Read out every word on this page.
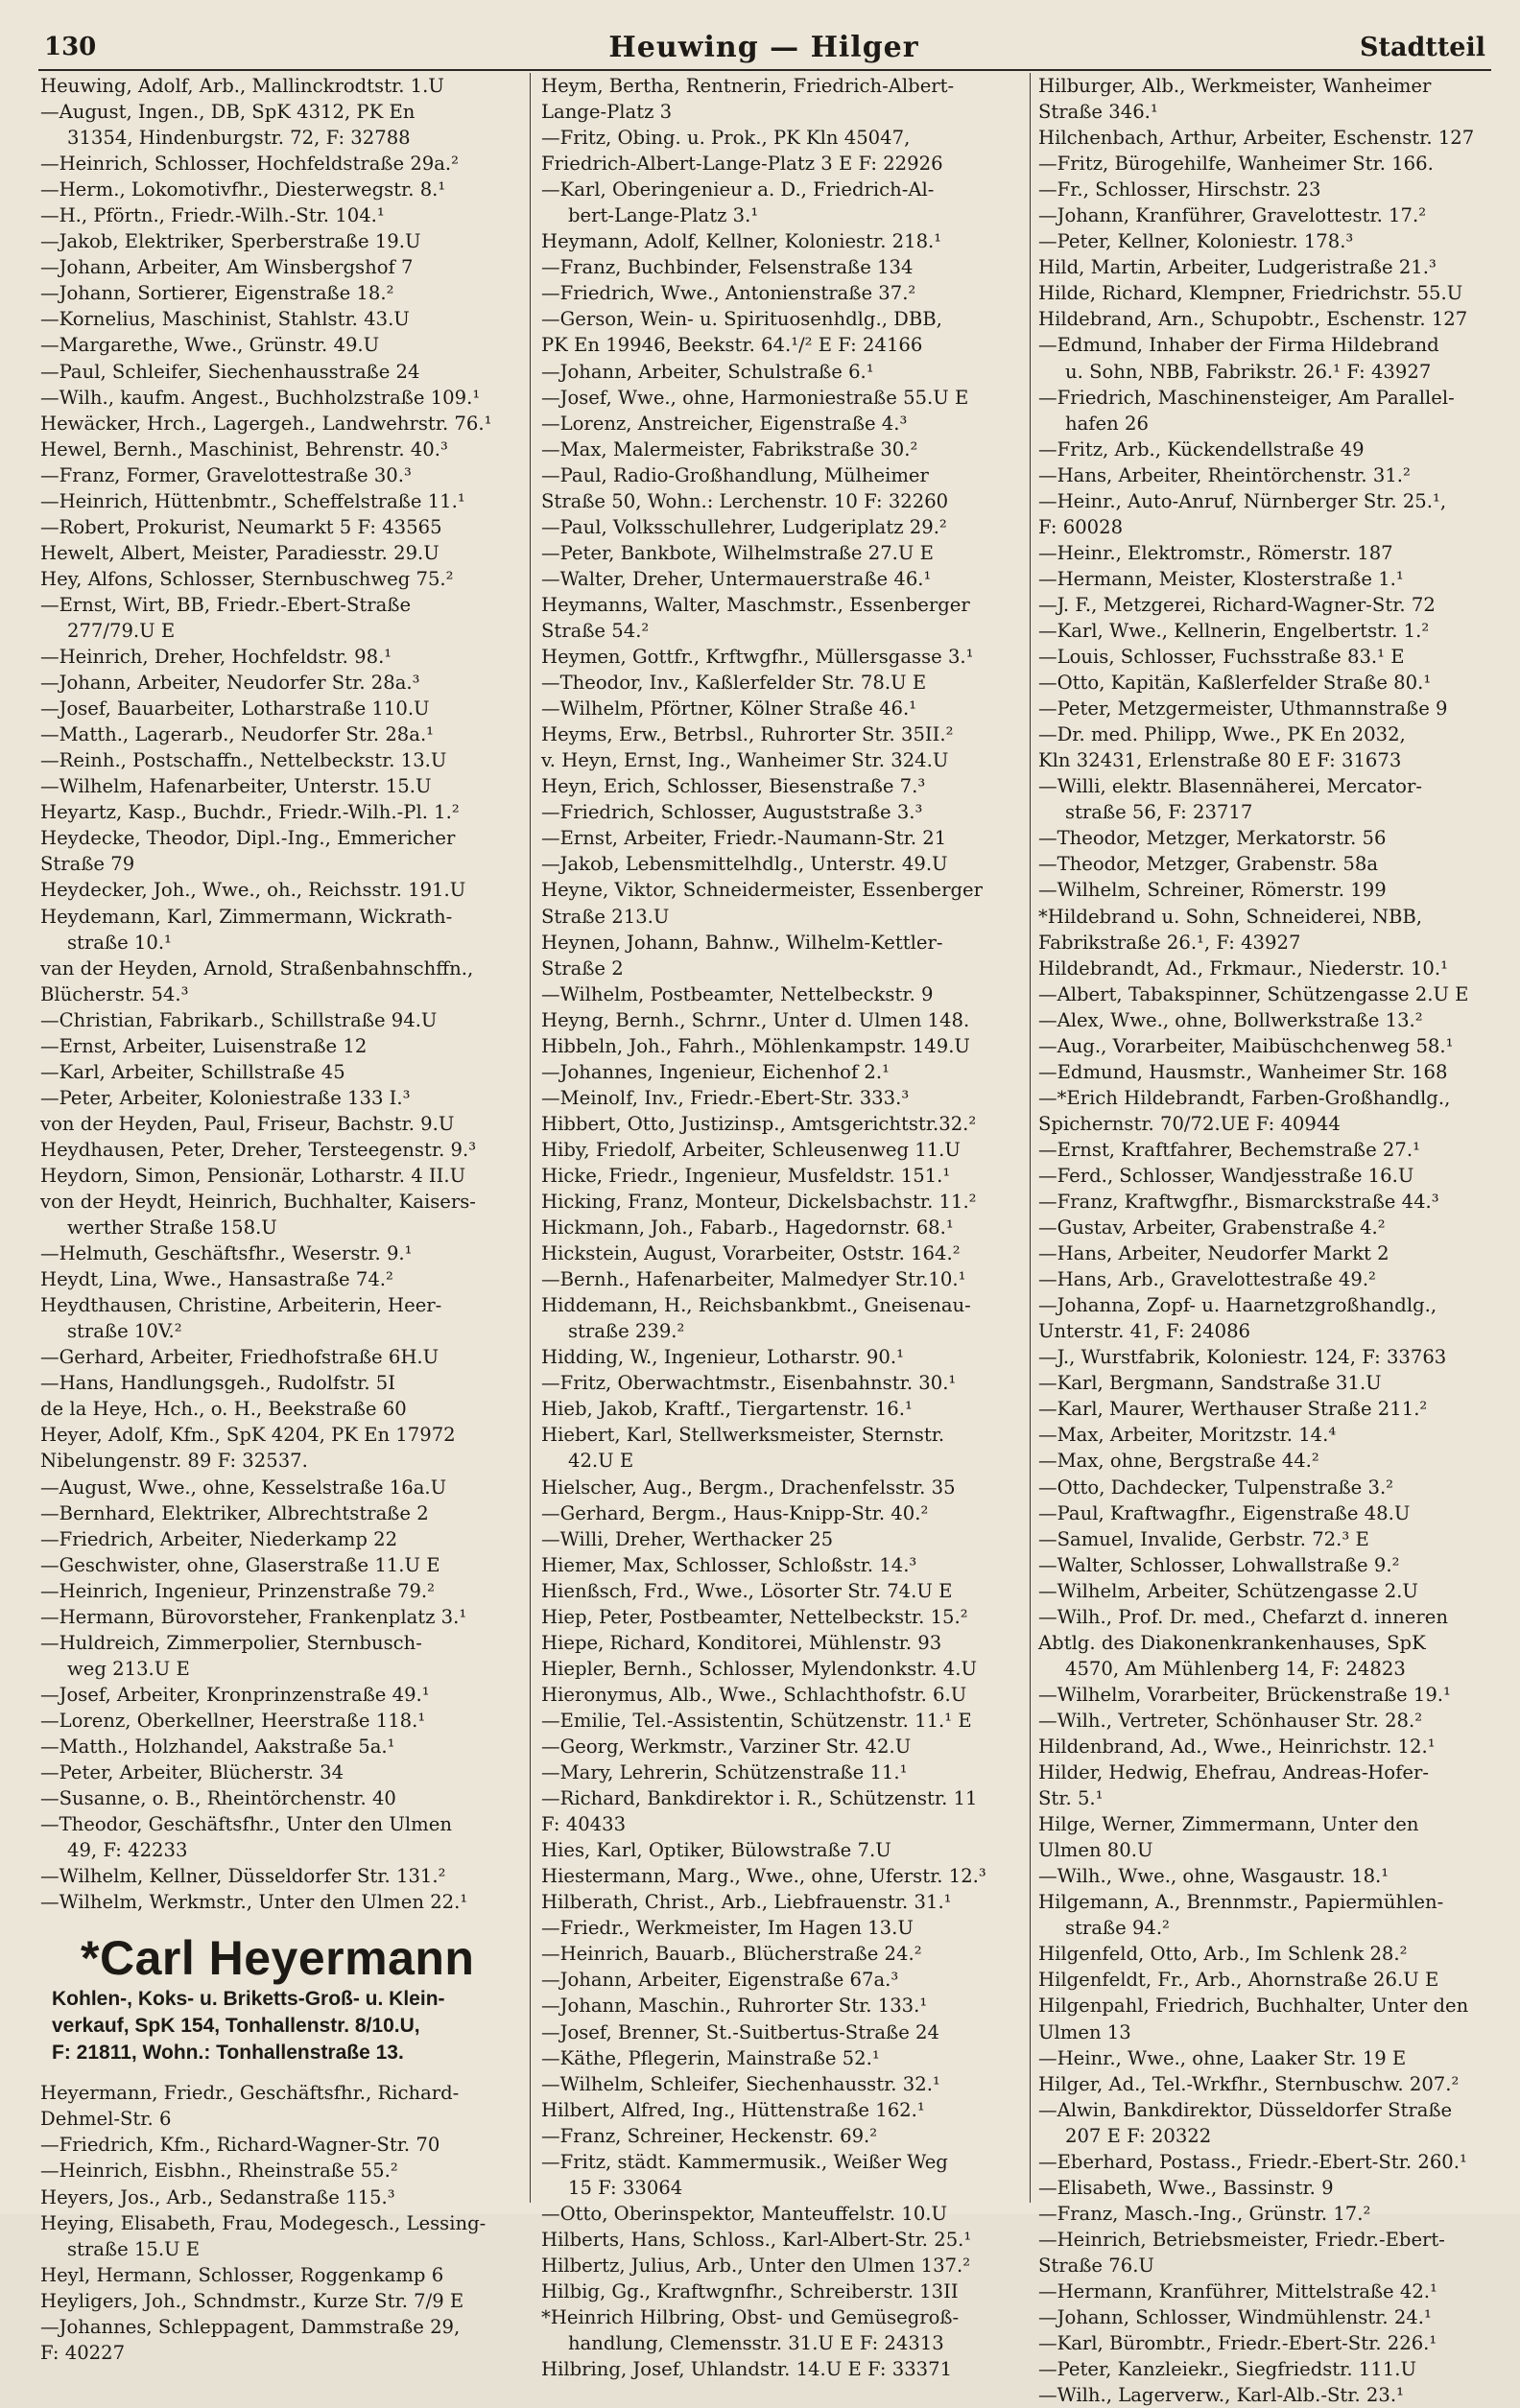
130	Heuwing — Hilger	Stadtteil
Heuwing, Adolf, Arb., Mallinckrodtstr. 1.U
—August, Ingen., DB, SpK 4312, PK En
31354, Hindenburgstr. 72, F: 32788
—Heinrich, Schlosser, Hochfeldstraße 29a.²
—Herm., Lokomotivfhr., Diesterwegstr. 8.¹
—H., Pförtn., Friedr.-Wilh.-Str. 104.¹
—Jakob, Elektriker, Sperberstraße 19.U
—Johann, Arbeiter, Am Winsbergshof 7
—Johann, Sortierer, Eigenstraße 18.²
—Kornelius, Maschinist, Stahlstr. 43.U
—Margarethe, Wwe., Grünstr. 49.U
—Paul, Schleifer, Siechenhausstraße 24
—Wilh., kaufm. Angest., Buchholzstraße 109.¹
Hewäcker, Hrch., Lagergeh., Landwehrstr. 76.¹
Hewel, Bernh., Maschinist, Behrenstr. 40.³
—Franz, Former, Gravelottestraße 30.³
—Heinrich, Hüttenbmtr., Scheffelstraße 11.¹
—Robert, Prokurist, Neumarkt 5 F: 43565
Hewelt, Albert, Meister, Paradiesstr. 29.U
Hey, Alfons, Schlosser, Sternbuschweg 75.²
—Ernst, Wirt, BB, Friedr.-Ebert-Straße
277/79.U E
—Heinrich, Dreher, Hochfeldstr. 98.¹
—Johann, Arbeiter, Neudorfer Str. 28a.³
—Josef, Bauarbeiter, Lotharstraße 110.U
—Matth., Lagerarb., Neudorfer Str. 28a.¹
—Reinh., Postschaffn., Nettelbeckstr. 13.U
—Wilhelm, Hafenarbeiter, Unterstr. 15.U
Heyartz, Kasp., Buchdr., Friedr.-Wilh.-Pl. 1.²
Heydecke, Theodor, Dipl.-Ing., Emmericher
Straße 79
Heydecker, Joh., Wwe., oh., Reichsstr. 191.U
Heydemann, Karl, Zimmermann, Wickrath-
straße 10.¹
van der Heyden, Arnold, Straßenbahnschffn.,
Blücherstr. 54.³
—Christian, Fabrikarb., Schillstraße 94.U
—Ernst, Arbeiter, Luisenstraße 12
—Karl, Arbeiter, Schillstraße 45
—Peter, Arbeiter, Koloniestraße 133 I.³
von der Heyden, Paul, Friseur, Bachstr. 9.U
Heydhausen, Peter, Dreher, Tersteegenstr. 9.³
Heydorn, Simon, Pensionär, Lotharstr. 4 II.U
von der Heydt, Heinrich, Buchhalter, Kaisers-
werther Straße 158.U
—Helmuth, Geschäftsfhr., Weserstr. 9.¹
Heydt, Lina, Wwe., Hansastraße 74.²
Heydthausen, Christine, Arbeiterin, Heer-
straße 10V.²
—Gerhard, Arbeiter, Friedhofstraße 6H.U
—Hans, Handlungsgeh., Rudolfstr. 5I
de la Heye, Hch., o. H., Beekstraße 60
Heyer, Adolf, Kfm., SpK 4204, PK En 17972
Nibelungenstr. 89 F: 32537.
—August, Wwe., ohne, Kesselstraße 16a.U
—Bernhard, Elektriker, Albrechtstraße 2
—Friedrich, Arbeiter, Niederkamp 22
—Geschwister, ohne, Glaserstraße 11.U E
—Heinrich, Ingenieur, Prinzenstraße 79.²
—Hermann, Bürovorsteher, Frankenplatz 3.¹
—Huldreich, Zimmerpolier, Sternbusch-
weg 213.U E
—Josef, Arbeiter, Kronprinzenstraße 49.¹
—Lorenz, Oberkellner, Heerstraße 118.¹
—Matth., Holzhandel, Aakstraße 5a.¹
—Peter, Arbeiter, Blücherstr. 34
—Susanne, o. B., Rheintörchenstr. 40
—Theodor, Geschäftsfhr., Unter den Ulmen
49, F: 42233
—Wilhelm, Kellner, Düsseldorfer Str. 131.²
—Wilhelm, Werkmstr., Unter den Ulmen 22.¹
*Carl Heyermann
Kohlen-, Koks- u. Briketts-Groß- u. Klein-
verkauf, SpK 154, Tonhallenstr. 8/10.U,
F: 21811, Wohn.: Tonhallenstraße 13.
Heyermann, Friedr., Geschäftsfhr., Richard-
Dehmel-Str. 6
—Friedrich, Kfm., Richard-Wagner-Str. 70
—Heinrich, Eisbhn., Rheinstraße 55.²
Heyers, Jos., Arb., Sedanstraße 115.³
Heying, Elisabeth, Frau, Modegesch., Lessing-
straße 15.U E
Heyl, Hermann, Schlosser, Roggenkamp 6
Heyligers, Joh., Schndmstr., Kurze Str. 7/9 E
—Johannes, Schleppagent, Dammstraße 29,
F: 40227
Heym, Bertha, Rentnerin, Friedrich-Albert-
Lange-Platz 3
—Fritz, Obing. u. Prok., PK Kln 45047,
Friedrich-Albert-Lange-Platz 3 E F: 22926
—Karl, Oberingenieur a. D., Friedrich-Al-
bert-Lange-Platz 3.¹
Heymann, Adolf, Kellner, Koloniestr. 218.¹
—Franz, Buchbinder, Felsenstraße 134
—Friedrich, Wwe., Antonienstraße 37.²
—Gerson, Wein- u. Spirituosenhdlg., DBB,
PK En 19946, Beekstr. 64.¹/² E F: 24166
—Johann, Arbeiter, Schulstraße 6.¹
—Josef, Wwe., ohne, Harmoniestraße 55.U E
—Lorenz, Anstreicher, Eigenstraße 4.³
—Max, Malermeister, Fabrikstraße 30.²
—Paul, Radio-Großhandlung, Mülheimer
Straße 50, Wohn.: Lerchenstr. 10 F: 32260
—Paul, Volksschullehrer, Ludgeriplatz 29.²
—Peter, Bankbote, Wilhelmstraße 27.U E
—Walter, Dreher, Untermauerstraße 46.¹
Heymanns, Walter, Maschmstr., Essenberger
Straße 54.²
Heymen, Gottfr., Krftwgfhr., Müllersgasse 3.¹
—Theodor, Inv., Kaßlerfelder Str. 78.U E
—Wilhelm, Pförtner, Kölner Straße 46.¹
Heyms, Erw., Betrbsl., Ruhrorter Str. 35II.²
v. Heyn, Ernst, Ing., Wanheimer Str. 324.U
Heyn, Erich, Schlosser, Biesenstraße 7.³
—Friedrich, Schlosser, Auguststraße 3.³
—Ernst, Arbeiter, Friedr.-Naumann-Str. 21
—Jakob, Lebensmittelhdlg., Unterstr. 49.U
Heyne, Viktor, Schneidermeister, Essenberger
Straße 213.U
Heynen, Johann, Bahnw., Wilhelm-Kettler-
Straße 2
—Wilhelm, Postbeamter, Nettelbeckstr. 9
Heyng, Bernh., Schrnr., Unter d. Ulmen 148.
Hibbeln, Joh., Fahrh., Möhlenkampstr. 149.U
—Johannes, Ingenieur, Eichenhof 2.¹
—Meinolf, Inv., Friedr.-Ebert-Str. 333.³
Hibbert, Otto, Justizinsp., Amtsgerichtstr.32.²
Hiby, Friedolf, Arbeiter, Schleusenweg 11.U
Hicke, Friedr., Ingenieur, Musfeldstr. 151.¹
Hicking, Franz, Monteur, Dickelsbachstr. 11.²
Hickmann, Joh., Fabarb., Hagedornstr. 68.¹
Hickstein, August, Vorarbeiter, Oststr. 164.²
—Bernh., Hafenarbeiter, Malmedyer Str.10.¹
Hiddemann, H., Reichsbankbmt., Gneisenau-
straße 239.²
Hidding, W., Ingenieur, Lotharstr. 90.¹
—Fritz, Oberwachtmstr., Eisenbahnstr. 30.¹
Hieb, Jakob, Kraftf., Tiergartenstr. 16.¹
Hiebert, Karl, Stellwerksmeister, Sternstr.
42.U E
Hielscher, Aug., Bergm., Drachenfelsstr. 35
—Gerhard, Bergm., Haus-Knipp-Str. 40.²
—Willi, Dreher, Werthacker 25
Hiemer, Max, Schlosser, Schloßstr. 14.³
Hienßsch, Frd., Wwe., Lösorter Str. 74.U E
Hiep, Peter, Postbeamter, Nettelbeckstr. 15.²
Hiepe, Richard, Konditorei, Mühlenstr. 93
Hiepler, Bernh., Schlosser, Mylendonkstr. 4.U
Hieronymus, Alb., Wwe., Schlachthofstr. 6.U
—Emilie, Tel.-Assistentin, Schützenstr. 11.¹ E
—Georg, Werkmstr., Varziner Str. 42.U
—Mary, Lehrerin, Schützenstraße 11.¹
—Richard, Bankdirektor i. R., Schützenstr. 11
F: 40433
Hies, Karl, Optiker, Bülowstraße 7.U
Hiestermann, Marg., Wwe., ohne, Uferstr. 12.³
Hilberath, Christ., Arb., Liebfrauenstr. 31.¹
—Friedr., Werkmeister, Im Hagen 13.U
—Heinrich, Bauarb., Blücherstraße 24.²
—Johann, Arbeiter, Eigenstraße 67a.³
—Johann, Maschin., Ruhrorter Str. 133.¹
—Josef, Brenner, St.-Suitbertus-Straße 24
—Käthe, Pflegerin, Mainstraße 52.¹
—Wilhelm, Schleifer, Siechenhausstr. 32.¹
Hilbert, Alfred, Ing., Hüttenstraße 162.¹
—Franz, Schreiner, Heckenstr. 69.²
—Fritz, städt. Kammermusik., Weißer Weg
15 F: 33064
—Otto, Oberinspektor, Manteuffelstr. 10.U
Hilberts, Hans, Schloss., Karl-Albert-Str. 25.¹
Hilbertz, Julius, Arb., Unter den Ulmen 137.²
Hilbig, Gg., Kraftwgnfhr., Schreiberstr. 13II
*Heinrich Hilbring, Obst- und Gemüsegroß-
handlung, Clemensstr. 31.U E F: 24313
Hilbring, Josef, Uhlandstr. 14.U E F: 33371
Hilburger, Alb., Werkmeister, Wanheimer
Straße 346.¹
Hilchenbach, Arthur, Arbeiter, Eschenstr. 127
—Fritz, Bürogehilfe, Wanheimer Str. 166.
—Fr., Schlosser, Hirschstr. 23
—Johann, Kranführer, Gravelottestr. 17.²
—Peter, Kellner, Koloniestr. 178.³
Hild, Martin, Arbeiter, Ludgeristraße 21.³
Hilde, Richard, Klempner, Friedrichstr. 55.U
Hildebrand, Arn., Schupobtr., Eschenstr. 127
—Edmund, Inhaber der Firma Hildebrand
u. Sohn, NBB, Fabrikstr. 26.¹ F: 43927
—Friedrich, Maschinensteiger, Am Parallel-
hafen 26
—Fritz, Arb., Kückendellstraße 49
—Hans, Arbeiter, Rheintörchenstr. 31.²
—Heinr., Auto-Anruf, Nürnberger Str. 25.¹,
F: 60028
—Heinr., Elektromstr., Römerstr. 187
—Hermann, Meister, Klosterstraße 1.¹
—J. F., Metzgerei, Richard-Wagner-Str. 72
—Karl, Wwe., Kellnerin, Engelbertstr. 1.²
—Louis, Schlosser, Fuchsstraße 83.¹ E
—Otto, Kapitän, Kaßlerfelder Straße 80.¹
—Peter, Metzgermeister, Uthmannstraße 9
—Dr. med. Philipp, Wwe., PK En 2032,
Kln 32431, Erlenstraße 80 E F: 31673
—Willi, elektr. Blasennäherei, Mercator-
straße 56, F: 23717
—Theodor, Metzger, Merkatorstr. 56
—Theodor, Metzger, Grabenstr. 58a
—Wilhelm, Schreiner, Römerstr. 199
*Hildebrand u. Sohn, Schneiderei, NBB,
Fabrikstraße 26.¹, F: 43927
Hildebrandt, Ad., Frkmaur., Niederstr. 10.¹
—Albert, Tabakspinner, Schützengasse 2.U E
—Alex, Wwe., ohne, Bollwerkstraße 13.²
—Aug., Vorarbeiter, Maibüschchenweg 58.¹
—Edmund, Hausmstr., Wanheimer Str. 168
—*Erich Hildebrandt, Farben-Großhandlg.,
Spichernstr. 70/72.UE F: 40944
—Ernst, Kraftfahrer, Bechemstraße 27.¹
—Ferd., Schlosser, Wandjesstraße 16.U
—Franz, Kraftwgfhr., Bismarckstraße 44.³
—Gustav, Arbeiter, Grabenstraße 4.²
—Hans, Arbeiter, Neudorfer Markt 2
—Hans, Arb., Gravelottestraße 49.²
—Johanna, Zopf- u. Haarnetzgroßhandlg.,
Unterstr. 41, F: 24086
—J., Wurstfabrik, Koloniestr. 124, F: 33763
—Karl, Bergmann, Sandstraße 31.U
—Karl, Maurer, Werthauser Straße 211.²
—Max, Arbeiter, Moritzstr. 14.⁴
—Max, ohne, Bergstraße 44.²
—Otto, Dachdecker, Tulpenstraße 3.²
—Paul, Kraftwagfhr., Eigenstraße 48.U
—Samuel, Invalide, Gerbstr. 72.³ E
—Walter, Schlosser, Lohwallstraße 9.²
—Wilhelm, Arbeiter, Schützengasse 2.U
—Wilh., Prof. Dr. med., Chefarzt d. inneren
Abtlg. des Diakonenkrankenhauses, SpK
4570, Am Mühlenberg 14, F: 24823
—Wilhelm, Vorarbeiter, Brückenstraße 19.¹
—Wilh., Vertreter, Schönhauser Str. 28.²
Hildenbrand, Ad., Wwe., Heinrichstr. 12.¹
Hilder, Hedwig, Ehefrau, Andreas-Hofer-
Str. 5.¹
Hilge, Werner, Zimmermann, Unter den
Ulmen 80.U
—Wilh., Wwe., ohne, Wasgaustr. 18.¹
Hilgemann, A., Brennmstr., Papiermühlen-
straße 94.²
Hilgenfeld, Otto, Arb., Im Schlenk 28.²
Hilgenfeldt, Fr., Arb., Ahornstraße 26.U E
Hilgenpahl, Friedrich, Buchhalter, Unter den
Ulmen 13
—Heinr., Wwe., ohne, Laaker Str. 19 E
Hilger, Ad., Tel.-Wrkfhr., Sternbuschw. 207.²
—Alwin, Bankdirektor, Düsseldorfer Straße
207 E F: 20322
—Eberhard, Postass., Friedr.-Ebert-Str. 260.¹
—Elisabeth, Wwe., Bassinstr. 9
—Franz, Masch.-Ing., Grünstr. 17.²
—Heinrich, Betriebsmeister, Friedr.-Ebert-
Straße 76.U
—Hermann, Kranführer, Mittelstraße 42.¹
—Johann, Schlosser, Windmühlenstr. 24.¹
—Karl, Bürombtr., Friedr.-Ebert-Str. 226.¹
—Peter, Kanzleiekr., Siegfriedstr. 111.U
—Wilh., Lagerverw., Karl-Alb.-Str. 23.¹
